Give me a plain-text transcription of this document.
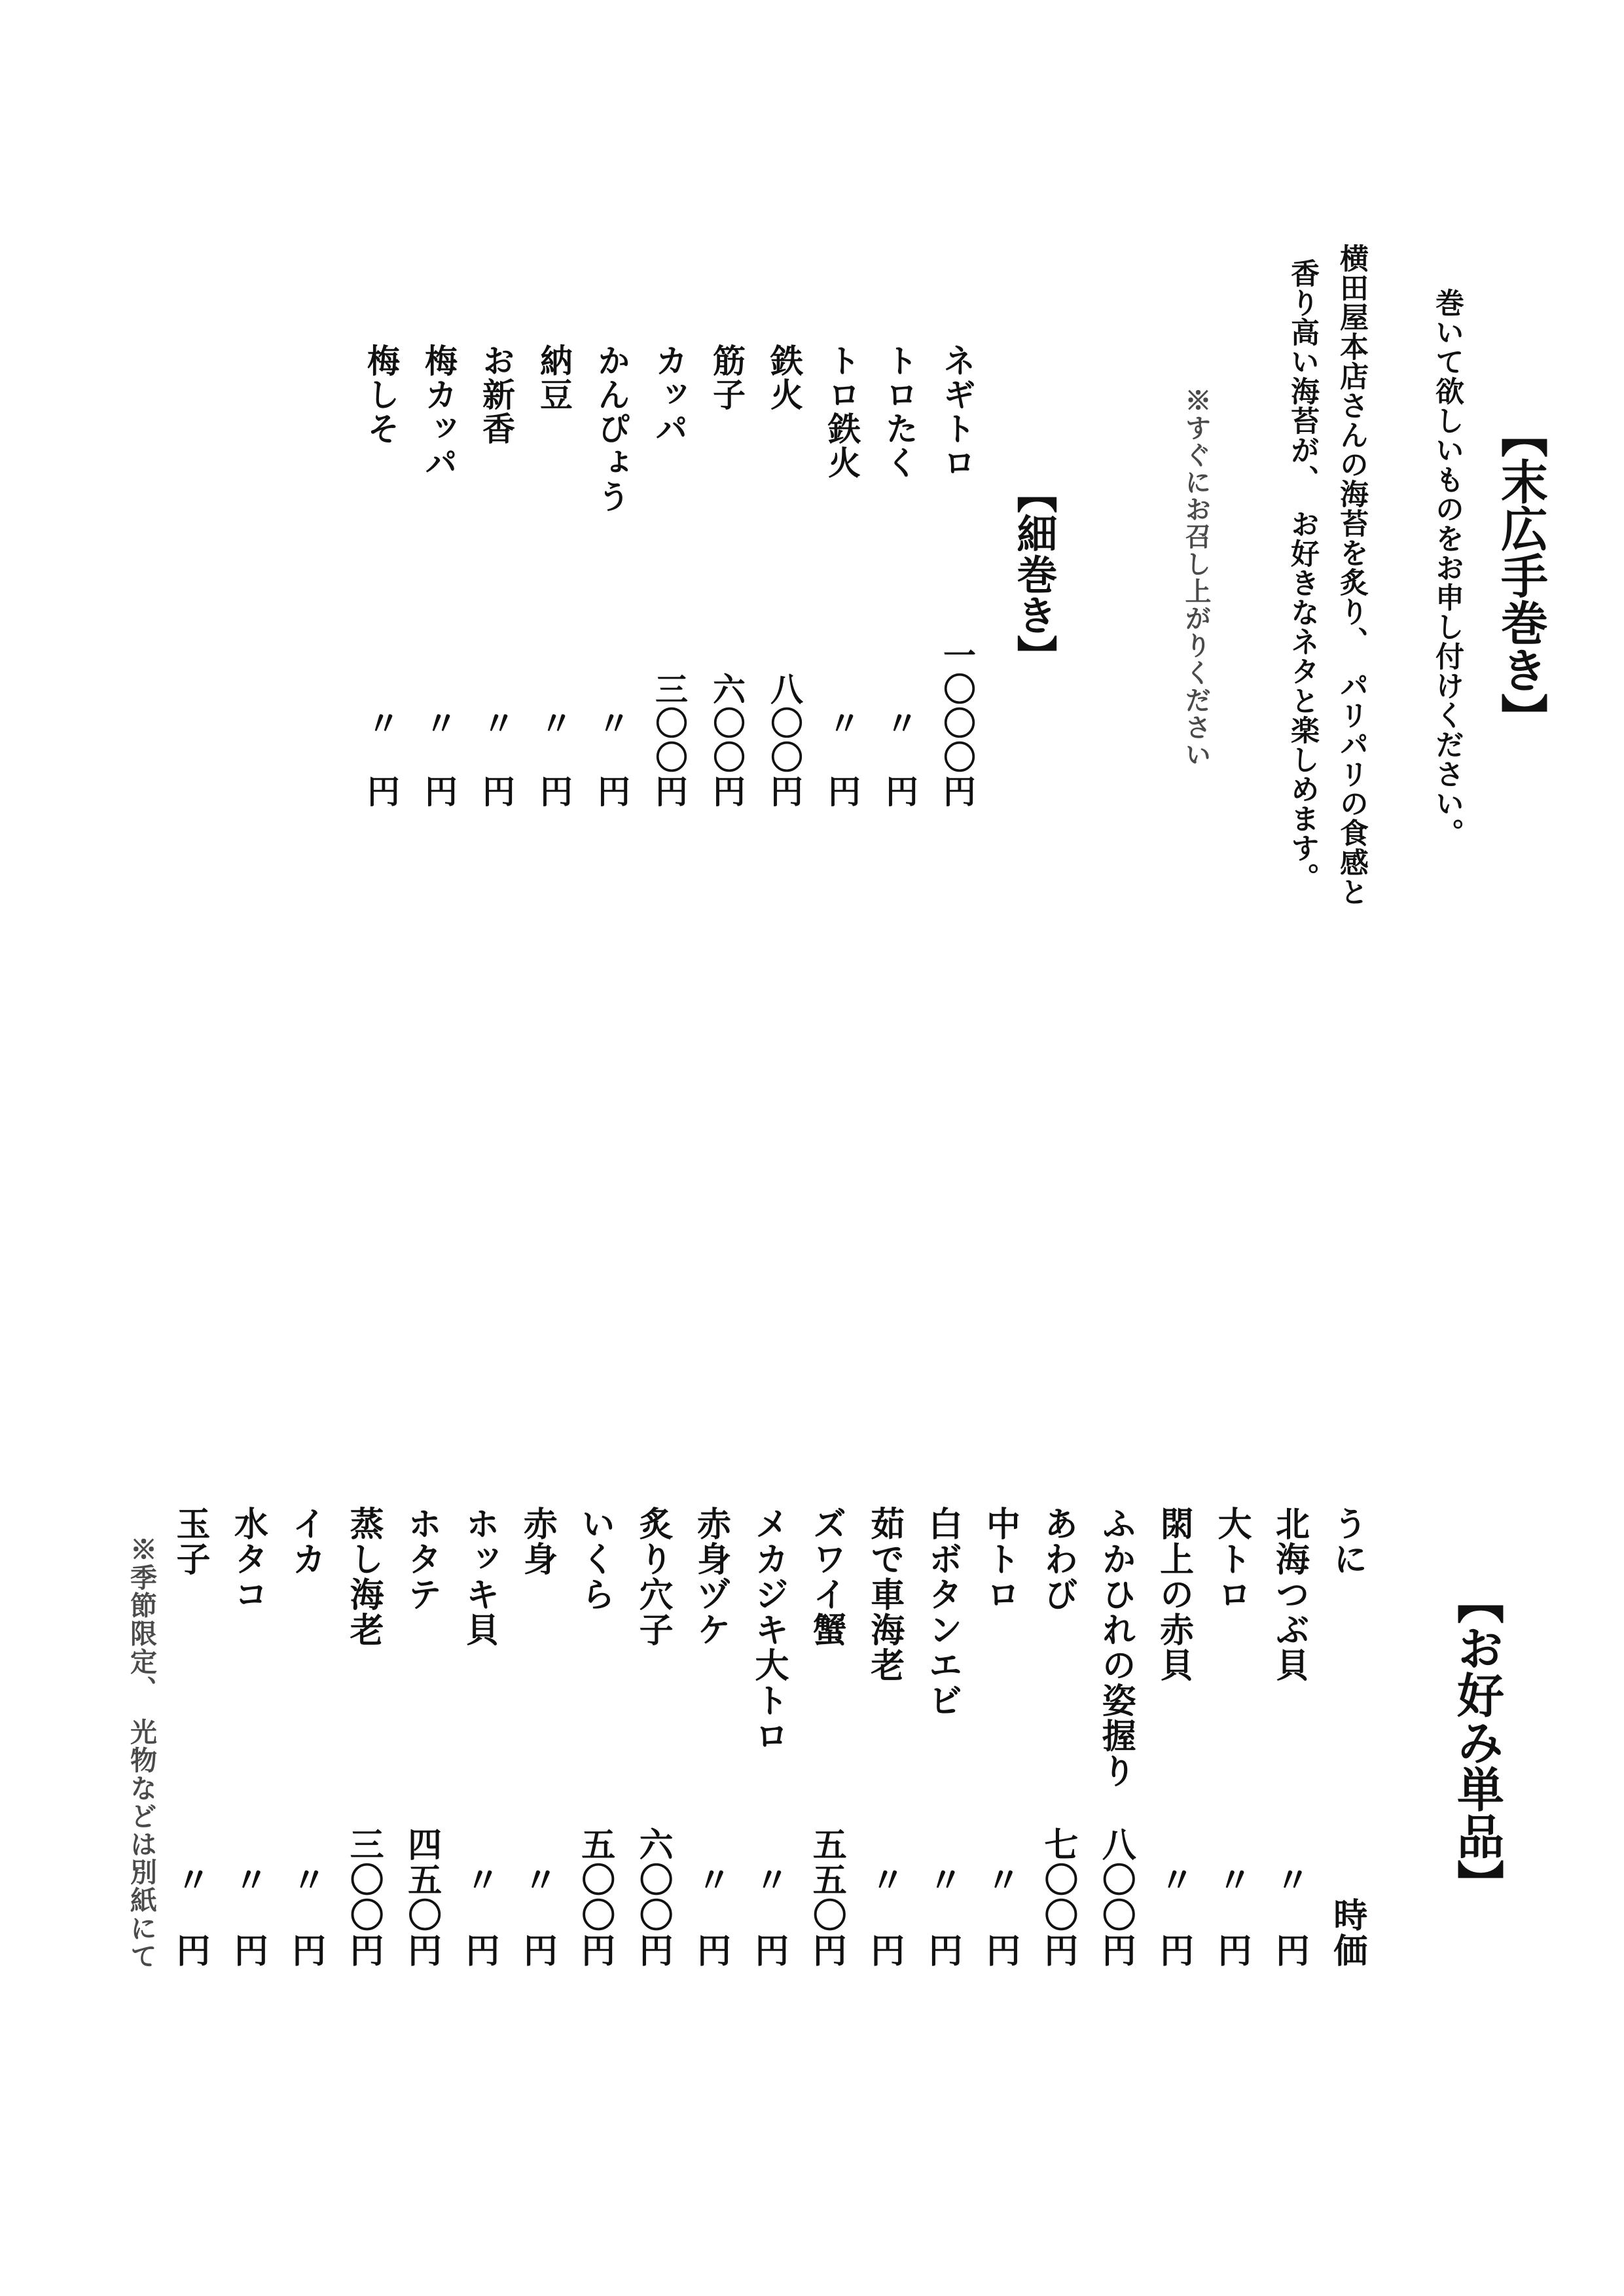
【末広手巻き】
巻いて欲しいものをお申し付けください。
横田屋本店さんの海苔を炙り、　パリパリの食感と
香り高い海苔が、　お好きなネタと楽しめます。
※すぐにお召し上がりください
【細巻き】
ネギトロ
一〇〇〇円
トロたく
〃　円
トロ鉄火
〃　円
鉄火
八〇〇円
筋子
六〇〇円
カッパ
三〇〇円
かんぴょう
〃　円
納豆
〃　円
お新香
〃　円
梅カッパ
〃　円
梅しそ
〃　円
【お好み単品】
うに
時価
北海つぶ貝
〃　円
大トロ
〃　円
閖上の赤貝
〃　円
ふかひれの姿握り
八〇〇円
あわび
七〇〇円
中トロ
〃　円
白ボタンエビ
〃　円
茹で車海老
〃　円
ズワイ蟹
五五〇円
メカジキ大トロ
〃　円
赤身ヅケ
〃　円
炙り穴子
六〇〇円
いくら
五〇〇円
赤身
〃　円
ホッキ貝
〃　円
ホタテ
四五〇円
蒸し海老
三〇〇円
イカ
〃　円
水タコ
〃　円
玉子
〃　円
※季節限定、　光物などは別紙にて
